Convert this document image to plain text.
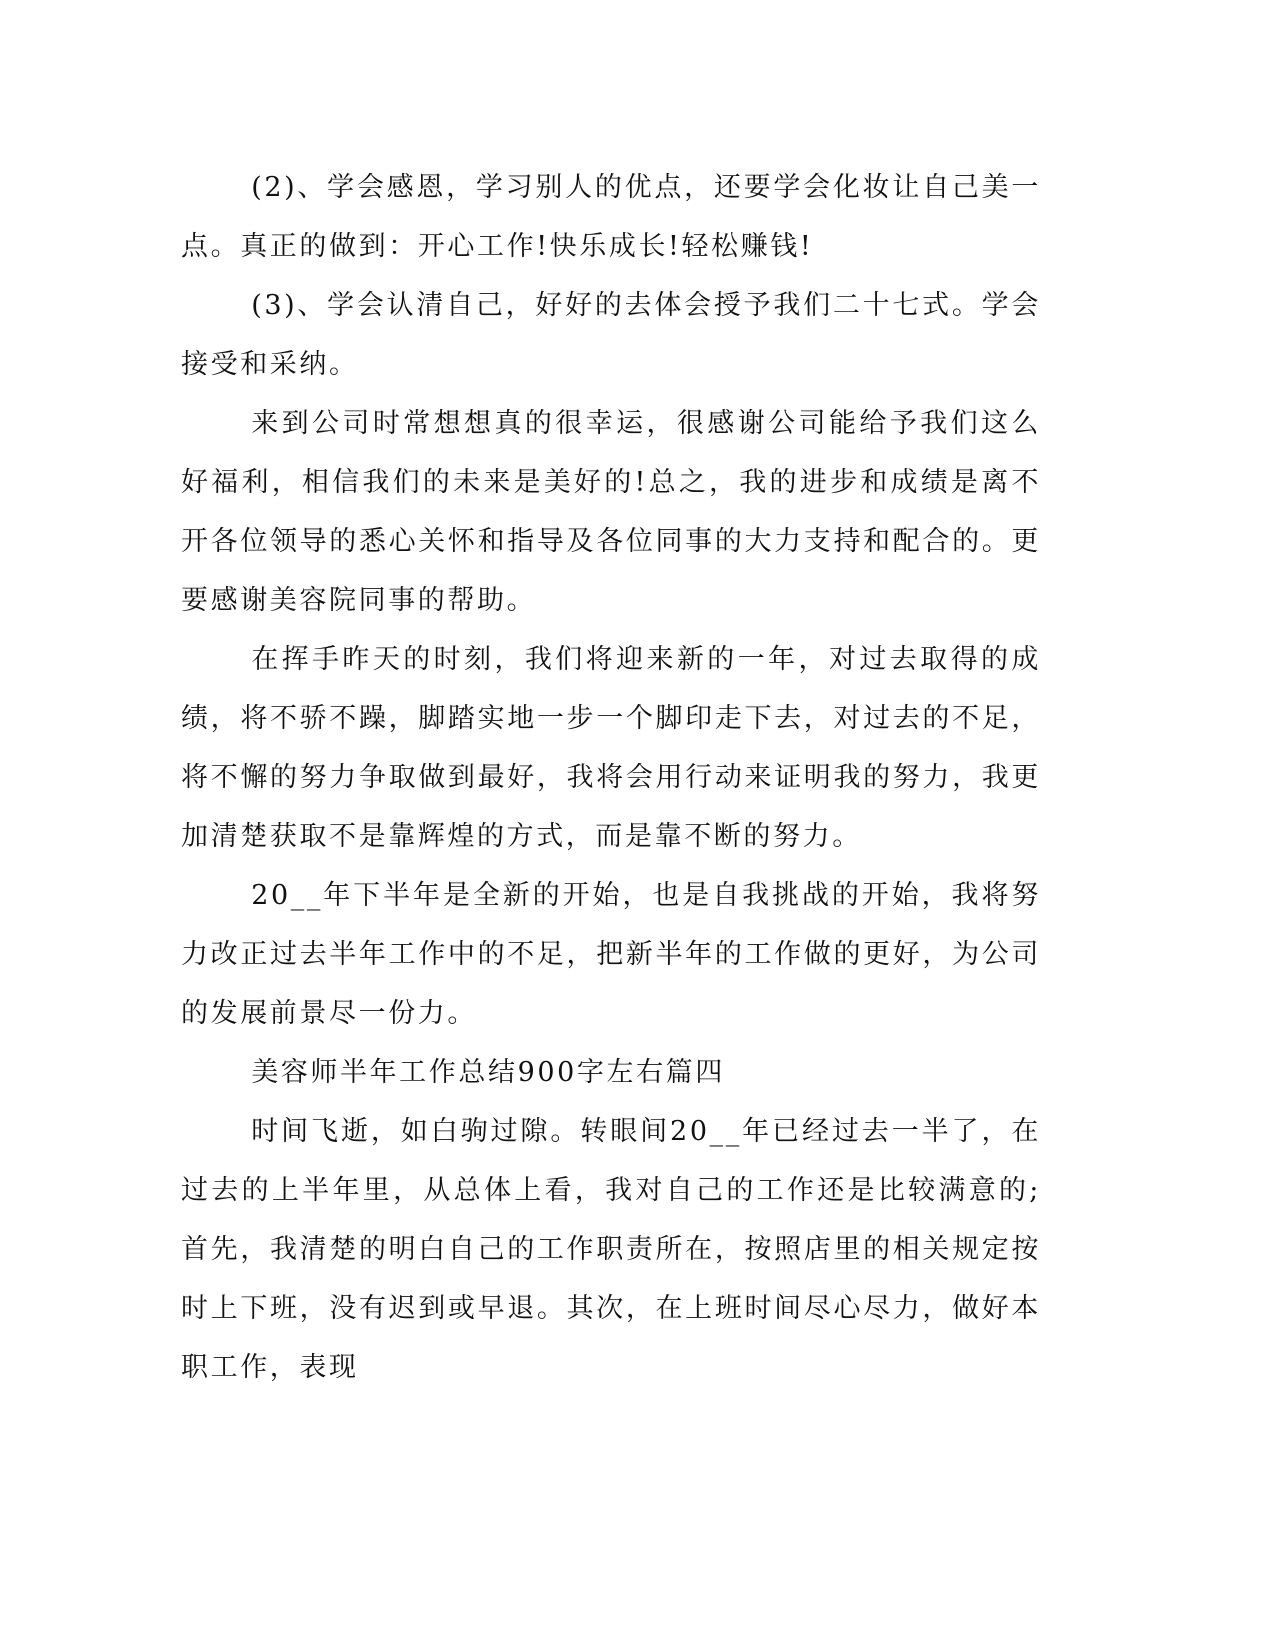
(2)、学会感恩，学习别人的优点，还要学会化妆让自己美一点。真正的做到：开心工作!快乐成长!轻松赚钱!

(3)、学会认清自己，好好的去体会授予我们二十七式。学会接受和采纳。

来到公司时常想想真的很幸运，很感谢公司能给予我们这么好福利，相信我们的未来是美好的!总之，我的进步和成绩是离不开各位领导的悉心关怀和指导及各位同事的大力支持和配合的。更要感谢美容院同事的帮助。

在挥手昨天的时刻，我们将迎来新的一年，对过去取得的成绩，将不骄不躁，脚踏实地一步一个脚印走下去，对过去的不足，将不懈的努力争取做到最好，我将会用行动来证明我的努力，我更加清楚获取不是靠辉煌的方式，而是靠不断的努力。

20__年下半年是全新的开始，也是自我挑战的开始，我将努力改正过去半年工作中的不足，把新半年的工作做的更好，为公司的发展前景尽一份力。

美容师半年工作总结900字左右篇四

时间飞逝，如白驹过隙。转眼间20__年已经过去一半了，在过去的上半年里，从总体上看，我对自己的工作还是比较满意的;首先，我清楚的明白自己的工作职责所在，按照店里的相关规定按时上下班，没有迟到或早退。其次，在上班时间尽心尽力，做好本职工作，表现
